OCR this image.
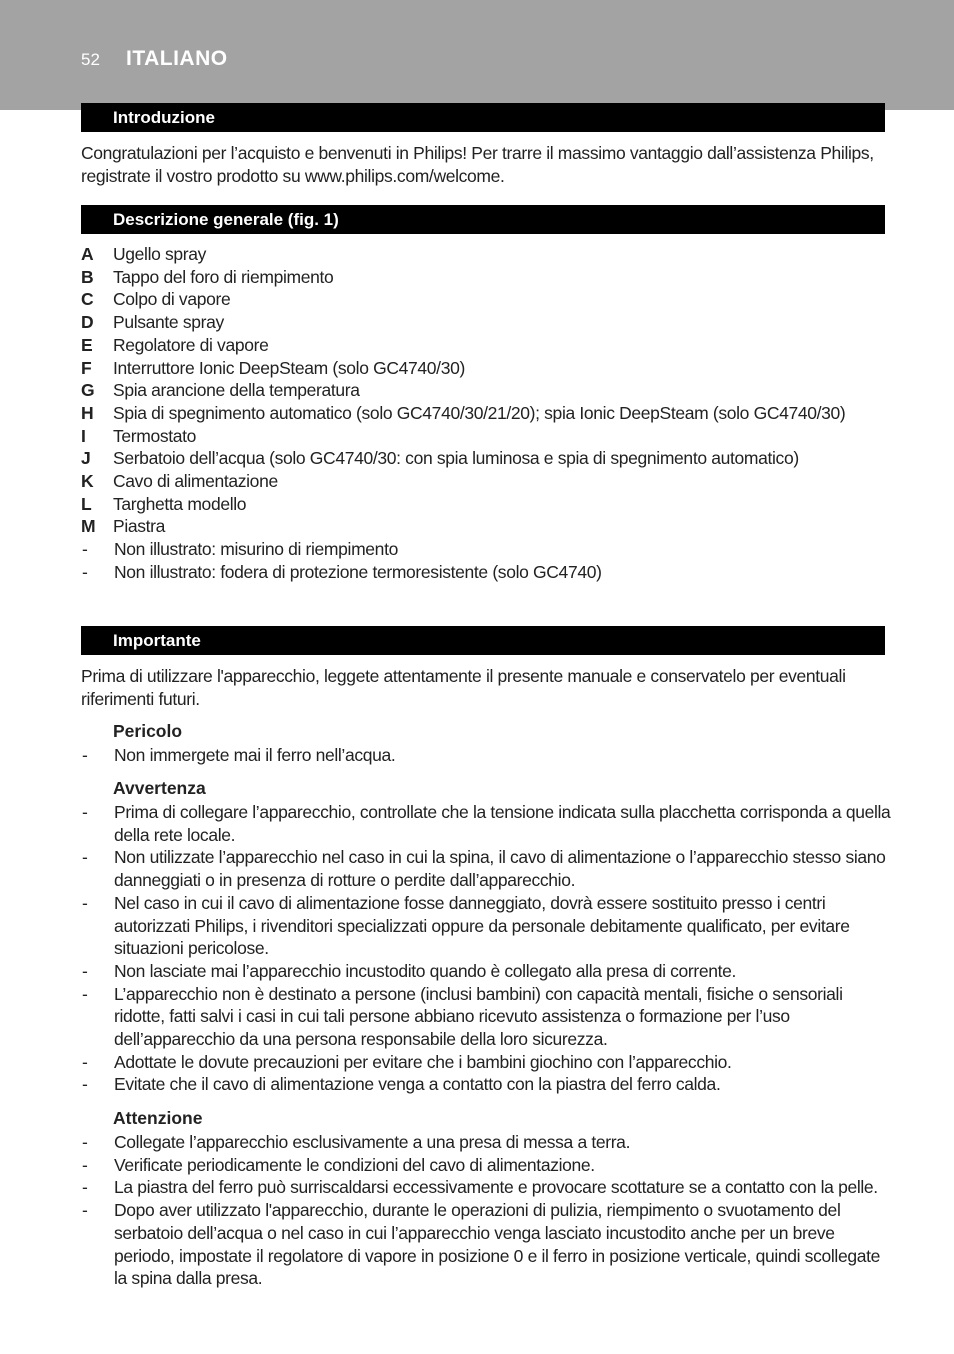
52 ITALIANO
Introduzione
Congratulazioni per l’acquisto e benvenuti in Philips! Per trarre il massimo vantaggio dall’assistenza Philips, registrate il vostro prodotto su www.philips.com/welcome.
Descrizione generale (fig. 1)
A	Ugello spray
B	Tappo del foro di riempimento
C	Colpo di vapore
D	Pulsante spray
E	Regolatore di vapore
F	Interruttore Ionic DeepSteam (solo GC4740/30)
G	Spia arancione della temperatura
H	Spia di spegnimento automatico (solo GC4740/30/21/20); spia Ionic DeepSteam (solo GC4740/30)
I	Termostato
J	Serbatoio dell’acqua (solo GC4740/30: con spia luminosa e spia di spegnimento automatico)
K	Cavo di alimentazione
L	Targhetta modello
M	Piastra
-	Non illustrato: misurino di riempimento
-	Non illustrato: fodera di protezione termoresistente (solo GC4740)
Importante
Prima di utilizzare l'apparecchio, leggete attentamente il presente manuale e conservatelo per eventuali riferimenti futuri.
Pericolo
-	Non immergete mai il ferro nell’acqua.
Avvertenza
-	Prima di collegare l’apparecchio, controllate che la tensione indicata sulla placchetta corrisponda a quella della rete locale.
-	Non utilizzate l’apparecchio nel caso in cui la spina, il cavo di alimentazione o l’apparecchio stesso siano danneggiati o in presenza di rotture o perdite dall’apparecchio.
-	Nel caso in cui il cavo di alimentazione fosse danneggiato, dovrà essere sostituito presso i centri autorizzati Philips, i rivenditori specializzati oppure da personale debitamente qualificato, per evitare situazioni pericolose.
-	Non lasciate mai l’apparecchio incustodito quando è collegato alla presa di corrente.
-	L’apparecchio non è destinato a persone (inclusi bambini) con capacità mentali, fisiche o sensoriali ridotte, fatti salvi i casi in cui tali persone abbiano ricevuto assistenza o formazione per l’uso dell’apparecchio da una persona responsabile della loro sicurezza.
-	Adottate le dovute precauzioni per evitare che i bambini giochino con l’apparecchio.
-	Evitate che il cavo di alimentazione venga a contatto con la piastra del ferro calda.
Attenzione
-	Collegate l’apparecchio esclusivamente a una presa di messa a terra.
-	Verificate periodicamente le condizioni del cavo di alimentazione.
-	La piastra del ferro può surriscaldarsi eccessivamente e provocare scottature se a contatto con la pelle.
-	Dopo aver utilizzato l'apparecchio, durante le operazioni di pulizia, riempimento o svuotamento del serbatoio dell’acqua o nel caso in cui l’apparecchio venga lasciato incustodito anche per un breve periodo, impostate il regolatore di vapore in posizione 0 e il ferro in posizione verticale, quindi scollegate la spina dalla presa.
